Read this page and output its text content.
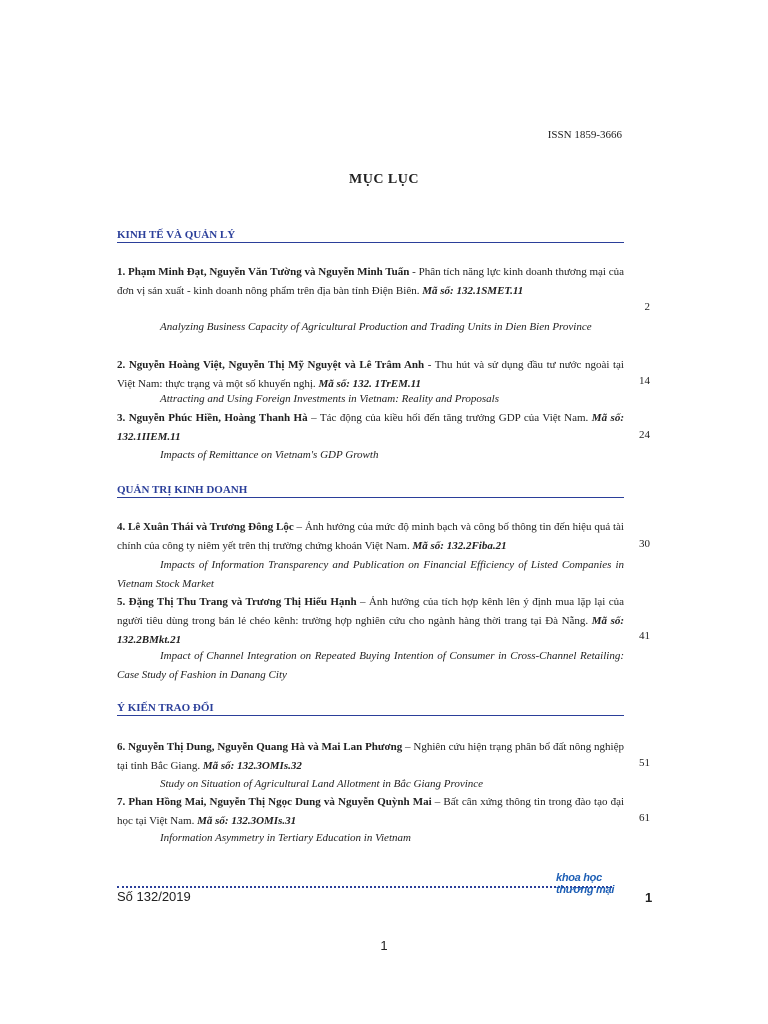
ISSN 1859-3666
MỤC LỤC
KINH TẾ VÀ QUẢN LÝ
1. Phạm Minh Đạt, Nguyễn Văn Tường và Nguyễn Minh Tuấn - Phân tích năng lực kinh doanh thương mại của đơn vị sản xuất - kinh doanh nông phẩm trên địa bàn tỉnh Điện Biên. Mã số: 132.1SMET.11
2
Analyzing Business Capacity of Agricultural Production and Trading Units in Dien Bien Province
2. Nguyễn Hoàng Việt, Nguyễn Thị Mỹ Nguyệt và Lê Trâm Anh - Thu hút và sử dụng đầu tư nước ngoài tại Việt Nam: thực trạng và một số khuyến nghị. Mã số: 132. 1TrEM.11	14
Attracting and Using Foreign Investments in Vietnam: Reality and Proposals
3. Nguyễn Phúc Hiền, Hoàng Thanh Hà – Tác động của kiều hối đến tăng trưởng GDP của Việt Nam. Mã số: 132.1IIEM.11	24
Impacts of Remittance on Vietnam's GDP Growth
QUẢN TRỊ KINH DOANH
4. Lê Xuân Thái và Trương Đông Lộc – Ảnh hưởng của mức độ minh bạch và công bố thông tin đến hiệu quả tài chính của công ty niêm yết trên thị trường chứng khoán Việt Nam. Mã số: 132.2Fiba.21	30
Impacts of Information Transparency and Publication on Financial Efficiency of Listed Companies in Vietnam Stock Market
5. Đặng Thị Thu Trang và Trương Thị Hiếu Hạnh – Ảnh hưởng của tích hợp kênh lên ý định mua lặp lại của người tiêu dùng trong bán lẻ chéo kênh: trường hợp nghiên cứu cho ngành hàng thời trang tại Đà Nẵng. Mã số: 132.2BMkt.21	41
Impact of Channel Integration on Repeated Buying Intention of Consumer in Cross-Channel Retailing: Case Study of Fashion in Danang City
Ý KIẾN TRAO ĐỔI
6. Nguyễn Thị Dung, Nguyễn Quang Hà và Mai Lan Phương – Nghiên cứu hiện trạng phân bổ đất nông nghiệp tại tỉnh Bắc Giang. Mã số: 132.3OMIs.32	51
Study on Situation of Agricultural Land Allotment in Bắc Giang Province
7. Phan Hồng Mai, Nguyễn Thị Ngọc Dung và Nguyễn Quỳnh Mai – Bất cân xứng thông tin trong đào tạo đại học tại Việt Nam. Mã số: 132.3OMIs.31	61
Information Asymmetry in Tertiary Education in Vietnam
Số 132/2019
khoa học
thương mại 1
1
